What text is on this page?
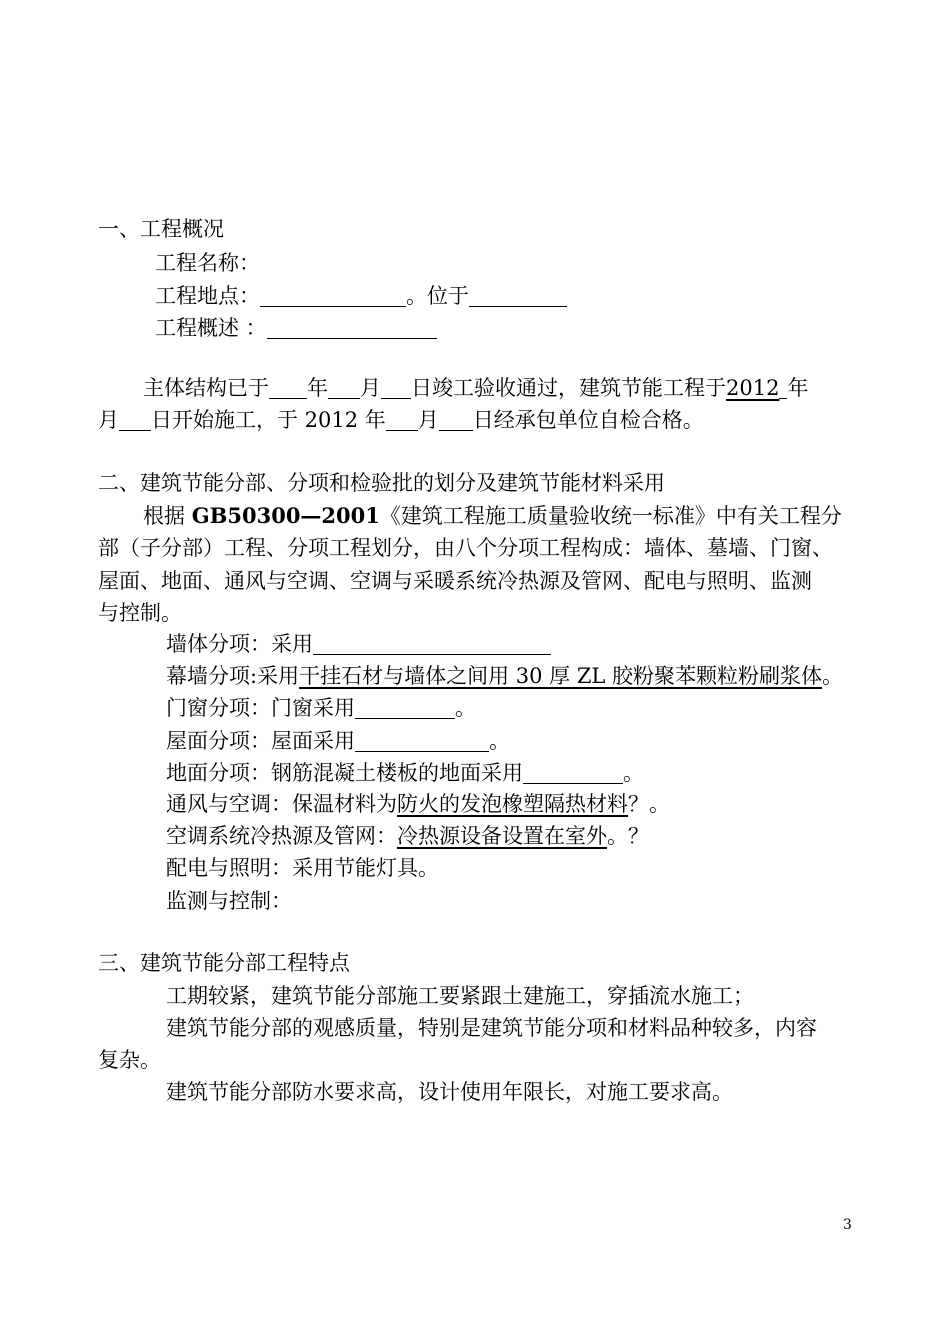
一、工程概况
工程名称：
工程地点：	。位于
工程概述 ：
主体结构已于 年 月 日竣工验收通过，建筑节能工程于2012 年
月 日开始施工，于 2012 年 月 日经承包单位自检合格。
二、建筑节能分部、分项和检验批的划分及建筑节能材料采用
根据 GB50300—2001《建筑工程施工质量验收统一标准》中有关工程分
部（子分部）工程、分项工程划分，由八个分项工程构成：墙体、墓墙、门窗、
屋面、地面、通风与空调、空调与采暖系统冷热源及管网、配电与照明、监测
与控制。
墙体分项：采用
幕墙分项:采用干挂石材与墙体之间用 30 厚 ZL 胶粉聚苯颗粒粉刷浆体。
门窗分项：门窗采用	。
屋面分项：屋面采用	。
地面分项：钢筋混凝土楼板的地面采用	。
通风与空调：保温材料为防火的发泡橡塑隔热材料？。
空调系统冷热源及管网：冷热源设备设置在室外。？
配电与照明：采用节能灯具。
监测与控制：
三、建筑节能分部工程特点
工期较紧，建筑节能分部施工要紧跟土建施工，穿插流水施工；
建筑节能分部的观感质量，特别是建筑节能分项和材料品种较多，内容
复杂。
建筑节能分部防水要求高，设计使用年限长，对施工要求高。
3
